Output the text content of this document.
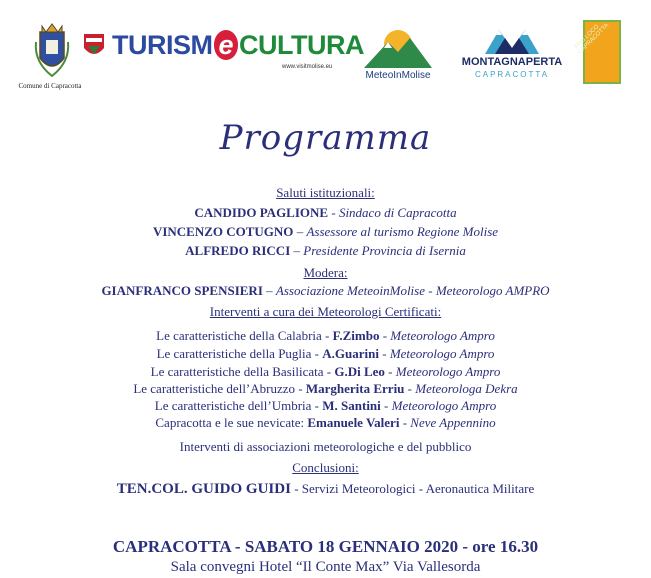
Comune di Capracotta
TURISM e CULTURA
www.visitmolise.eu
MeteoInMolise
MONTAGNAPERTA
CAPRACOTTA
PRO LOCO CAPRACOTTA
Programma
Saluti istituzionali:
CANDIDO PAGLIONE - Sindaco di Capracotta
VINCENZO COTUGNO – Assessore al turismo Regione Molise
ALFREDO RICCI – Presidente Provincia di Isernia
Modera:
GIANFRANCO SPENSIERI – Associazione MeteoinMolise - Meteorologo AMPRO
Interventi a cura dei Meteorologi Certificati:
Le caratteristiche della Calabria - F.Zimbo - Meteorologo Ampro
Le caratteristiche della Puglia - A.Guarini - Meteorologo Ampro
Le caratteristiche della Basilicata - G.Di Leo - Meteorologo Ampro
Le caratteristiche dell’Abruzzo - Margherita Erriu - Meteorologa Dekra
Le caratteristiche dell’Umbria - M. Santini - Meteorologo Ampro
Capracotta e le sue nevicate: Emanuele Valeri - Neve Appennino
Interventi di associazioni meteorologiche e del pubblico
Conclusioni:
TEN.COL. GUIDO GUIDI - Servizi Meteorologici - Aeronautica Militare
CAPRACOTTA - SABATO 18 GENNAIO 2020 - ore 16.30
Sala convegni Hotel “Il Conte Max” Via Vallesorda
